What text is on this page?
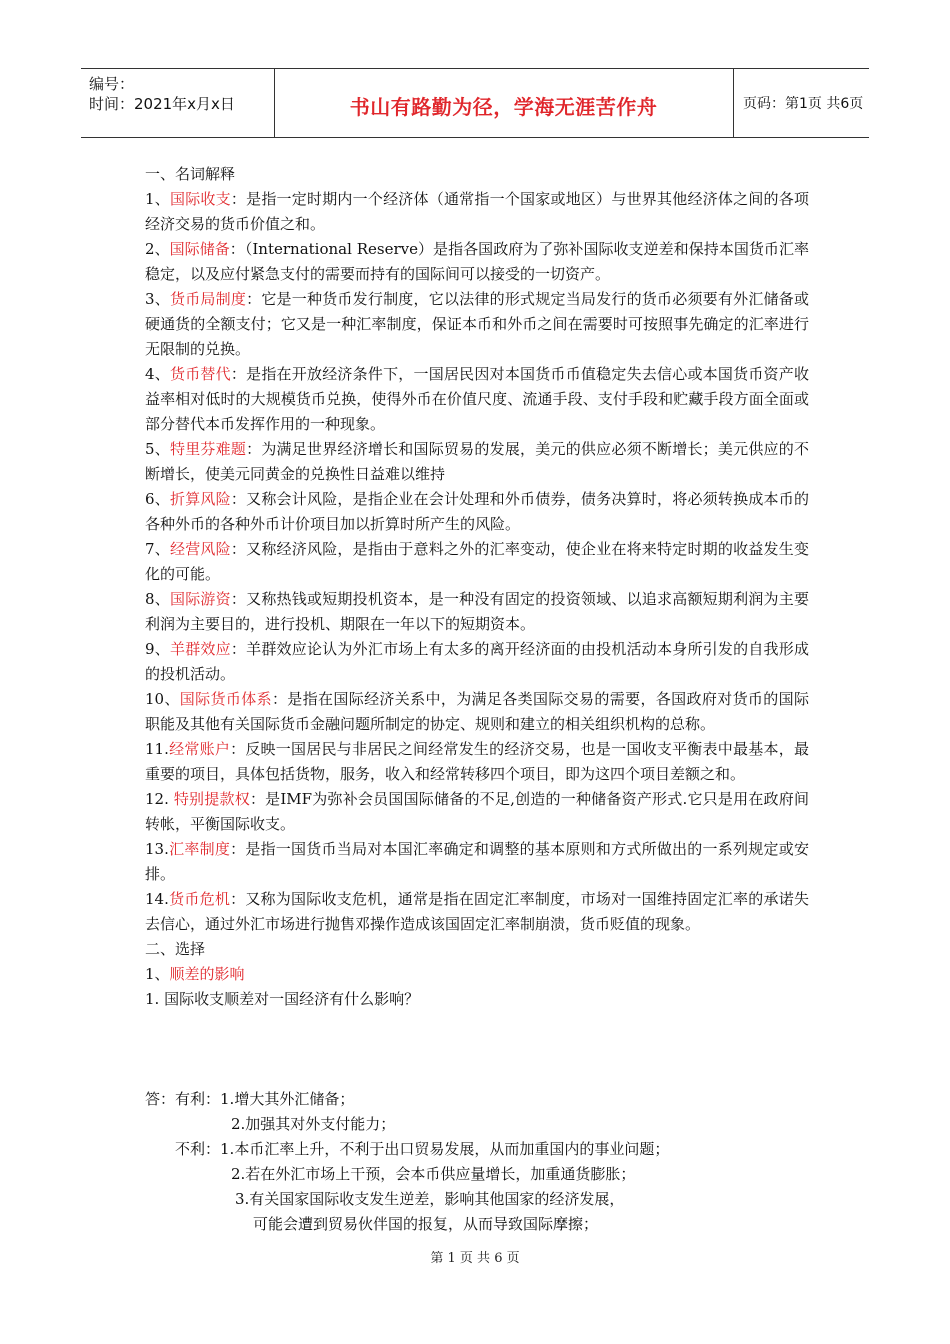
编号：
时间：2021年x月x日	书山有路勤为径，学海无涯苦作舟	页码：第1页 共6页

一、名词解释

1、国际收支：是指一定时期内一个经济体（通常指一个国家或地区）与世界其他经济体之间的各项经济交易的货币价值之和。

2、国际储备：（International Reserve）是指各国政府为了弥补国际收支逆差和保持本国货币汇率稳定，以及应付紧急支付的需要而持有的国际间可以接受的一切资产。

3、货币局制度：它是一种货币发行制度，它以法律的形式规定当局发行的货币必须要有外汇储备或硬通货的全额支付；它又是一种汇率制度，保证本币和外币之间在需要时可按照事先确定的汇率进行无限制的兑换。

4、货币替代：是指在开放经济条件下，一国居民因对本国货币币值稳定失去信心或本国货币资产收益率相对低时的大规模货币兑换，使得外币在价值尺度、流通手段、支付手段和贮藏手段方面全面或部分替代本币发挥作用的一种现象。

5、特里芬难题：为满足世界经济增长和国际贸易的发展，美元的供应必须不断增长；美元供应的不断增长，使美元同黄金的兑换性日益难以维持

6、折算风险：又称会计风险，是指企业在会计处理和外币债券，债务决算时，将必须转换成本币的各种外币的各种外币计价项目加以折算时所产生的风险。

7、经营风险：又称经济风险，是指由于意料之外的汇率变动，使企业在将来特定时期的收益发生变化的可能。

8、国际游资：又称热钱或短期投机资本，是一种没有固定的投资领域、以追求高额短期利润为主要利润为主要目的，进行投机、期限在一年以下的短期资本。

9、羊群效应：羊群效应论认为外汇市场上有太多的离开经济面的由投机活动本身所引发的自我形成的投机活动。

10、国际货币体系：是指在国际经济关系中，为满足各类国际交易的需要，各国政府对货币的国际职能及其他有关国际货币金融问题所制定的协定、规则和建立的相关组织机构的总称。

11.经常账户：反映一国居民与非居民之间经常发生的经济交易，也是一国收支平衡表中最基本，最重要的项目，具体包括货物，服务，收入和经常转移四个项目，即为这四个项目差额之和。

12. 特别提款权：是IMF为弥补会员国国际储备的不足,创造的一种储备资产形式.它只是用在政府间转帐，平衡国际收支。

13.汇率制度：是指一国货币当局对本国汇率确定和调整的基本原则和方式所做出的一系列规定或安排。

14.货币危机：又称为国际收支危机，通常是指在固定汇率制度，市场对一国维持固定汇率的承诺失去信心，通过外汇市场进行抛售邓操作造成该国固定汇率制崩溃，货币贬值的现象。

二、选择

1、顺差的影响

1. 国际收支顺差对一国经济有什么影响？

答：有利：1.增大其外汇储备；

2.加强其对外支付能力；

不利：1.本币汇率上升，不利于出口贸易发展，从而加重国内的事业问题；

2.若在外汇市场上干预，会本币供应量增长，加重通货膨胀；

3.有关国家国际收支发生逆差，影响其他国家的经济发展，

可能会遭到贸易伙伴国的报复，从而导致国际摩擦；

第 1 页 共 6 页
